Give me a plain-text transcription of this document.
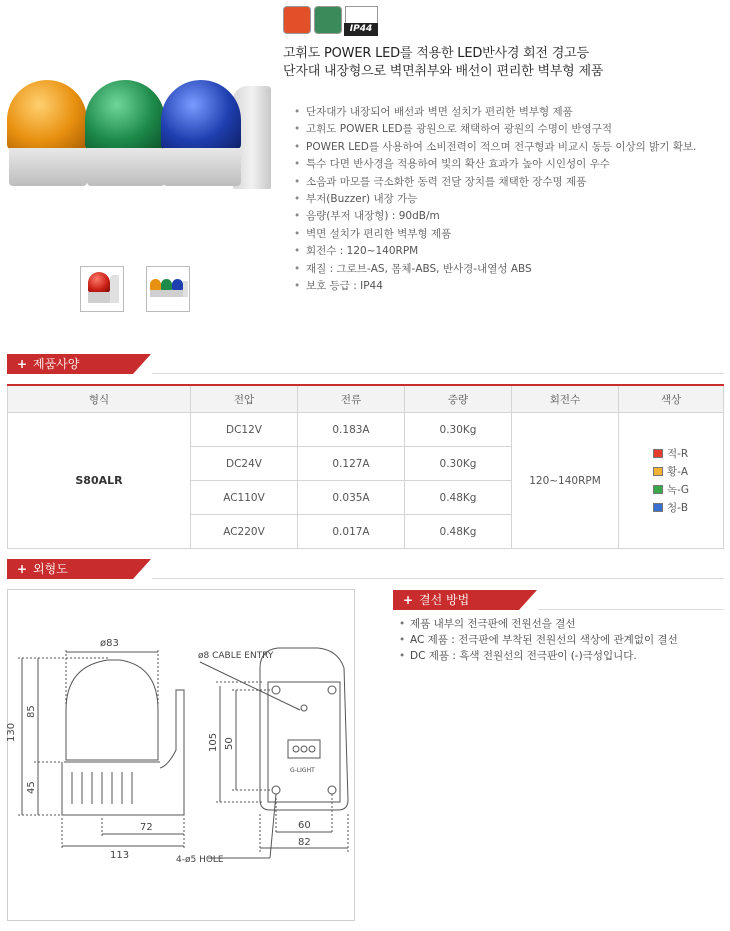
IP44
고휘도 POWER LED를 적용한 LED반사경 회전 경고등
단자대 내장형으로 벽면취부와 배선이 편리한 벽부형 제품
• 단자대가 내장되어 배선과 벽면 설치가 편리한 벽부형 제품
• 고휘도 POWER LED를 광원으로 채택하여 광원의 수명이 반영구적
• POWER LED를 사용하여 소비전력이 적으며 전구형과 비교시 동등 이상의 밝기 확보.
• 특수 다면 반사경을 적용하여 빛의 확산 효과가 높아 시인성이 우수
• 소음과 마모를 극소화한 동력 전달 장치를 채택한 장수명 제품
• 부저(Buzzer) 내장 가능
• 음량(부저 내장형) : 90dB/m
• 벽면 설치가 편리한 벽부형 제품
• 회전수 : 120~140RPM
• 재질 : 그로브-AS, 몸체-ABS, 반사경-내열성 ABS
• 보호 등급 : IP44
+ 제품사양
형식	전압	전류	중량	회전수	색상
S80ALR	DC12V	0.183A	0.30Kg	120~140RPM	적-R
황-A
녹-G
청-B

	DC24V	0.127A	0.30Kg		
	AC110V	0.035A	0.48Kg		
	AC220V	0.017A	0.48Kg		
+ 외형도
ø83
130
85
45
72
113
ø8 CABLE ENTRY
105 50
60
82
4-ø5 HOLE
G-LIGHT
+ 결선 방법
• 제품 내부의 전극판에 전원선을 결선
• AC 제품 : 전극판에 부착된 전원선의 색상에 관계없이 결선
• DC 제품 : 흑색 전원선의 전극판이 (-)극성입니다.
